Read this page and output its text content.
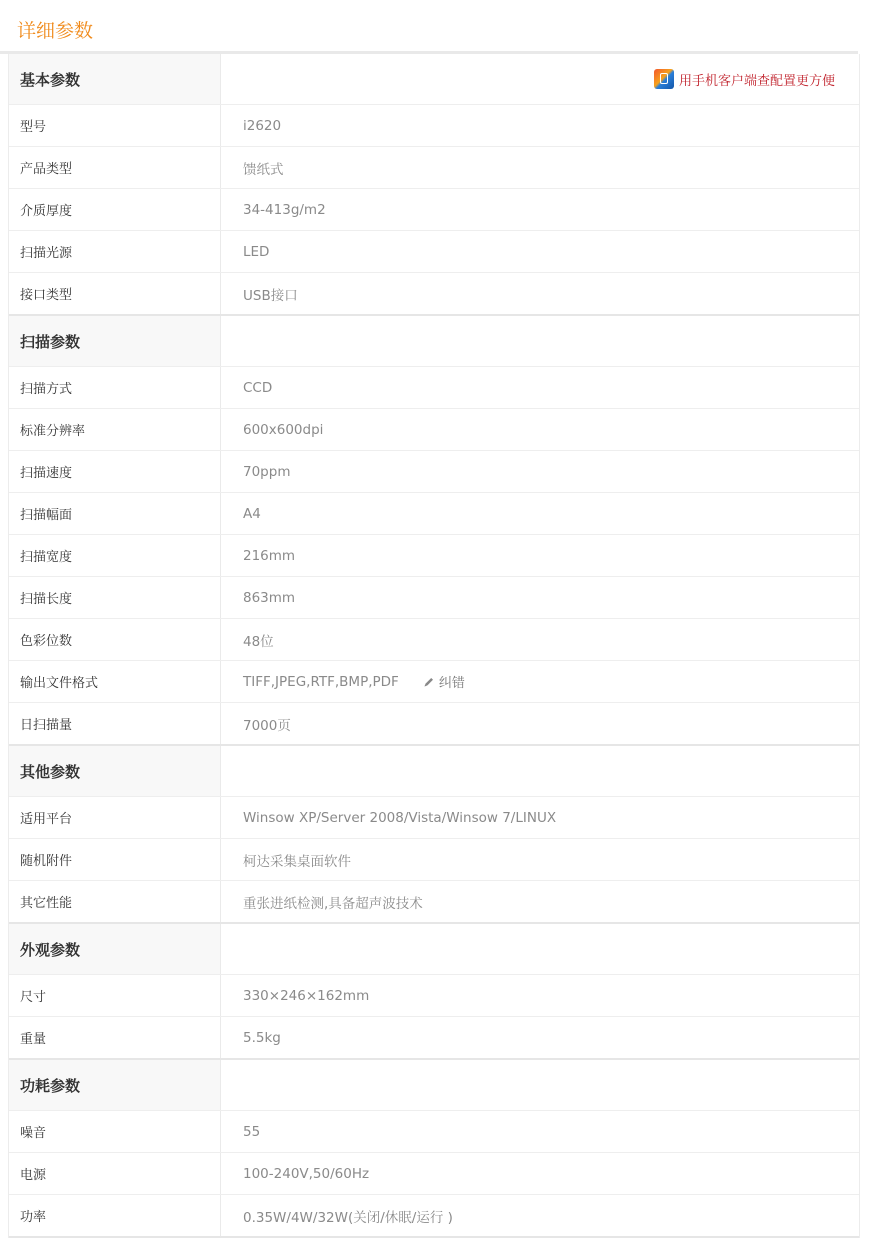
详细参数
基本参数	用手机客户端查配置更方便
型号	i2620
产品类型	馈纸式
介质厚度	34-413g/m2
扫描光源	LED
接口类型	USB接口
扫描参数
扫描方式	CCD
标准分辨率	600x600dpi
扫描速度	70ppm
扫描幅面	A4
扫描宽度	216mm
扫描长度	863mm
色彩位数	48位
输出文件格式	TIFF,JPEG,RTF,BMP,PDF	纠错
日扫描量	7000页
其他参数
适用平台	Winsow XP/Server 2008/Vista/Winsow 7/LINUX
随机附件	柯达采集桌面软件
其它性能	重张进纸检测,具备超声波技术
外观参数
尺寸	330×246×162mm
重量	5.5kg
功耗参数
噪音	55
电源	100-240V,50/60Hz
功率	0.35W/4W/32W(关闭/休眠/运行 )
